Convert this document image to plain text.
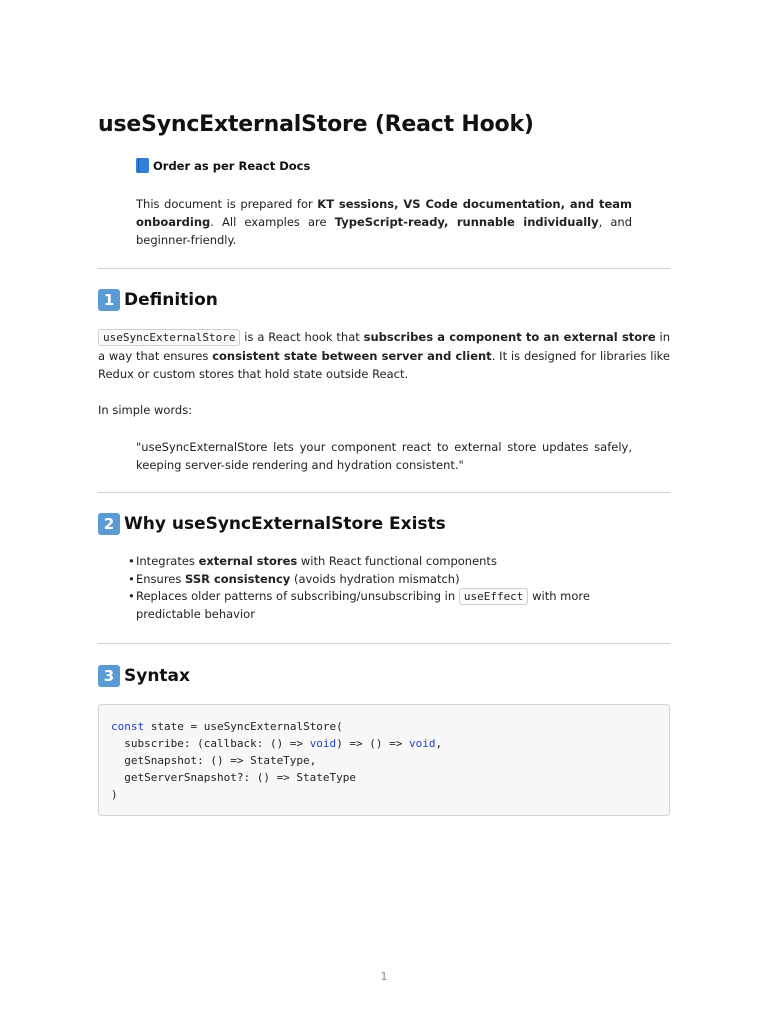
useSyncExternalStore (React Hook)
Order as per React Docs

This document is prepared for KT sessions, VS Code documentation, and team onboarding. All examples are TypeScript-ready, runnable individually, and beginner-friendly.

1 Definition

useSyncExternalStore is a React hook that subscribes a component to an external store in a way that ensures consistent state between server and client. It is designed for libraries like Redux or custom stores that hold state outside React.

In simple words:

"useSyncExternalStore lets your component react to external store updates safely, keeping server-side rendering and hydration consistent."

2 Why useSyncExternalStore Exists
•Integrates external stores with React functional components
•Ensures SSR consistency (avoids hydration mismatch)
•Replaces older patterns of subscribing/unsubscribing in useEffect with more predictable behavior
3 Syntax
const state = useSyncExternalStore(
subscribe: (callback: () => void) => () => void,
getSnapshot: () => StateType,
getServerSnapshot?: () => StateType
)
1
